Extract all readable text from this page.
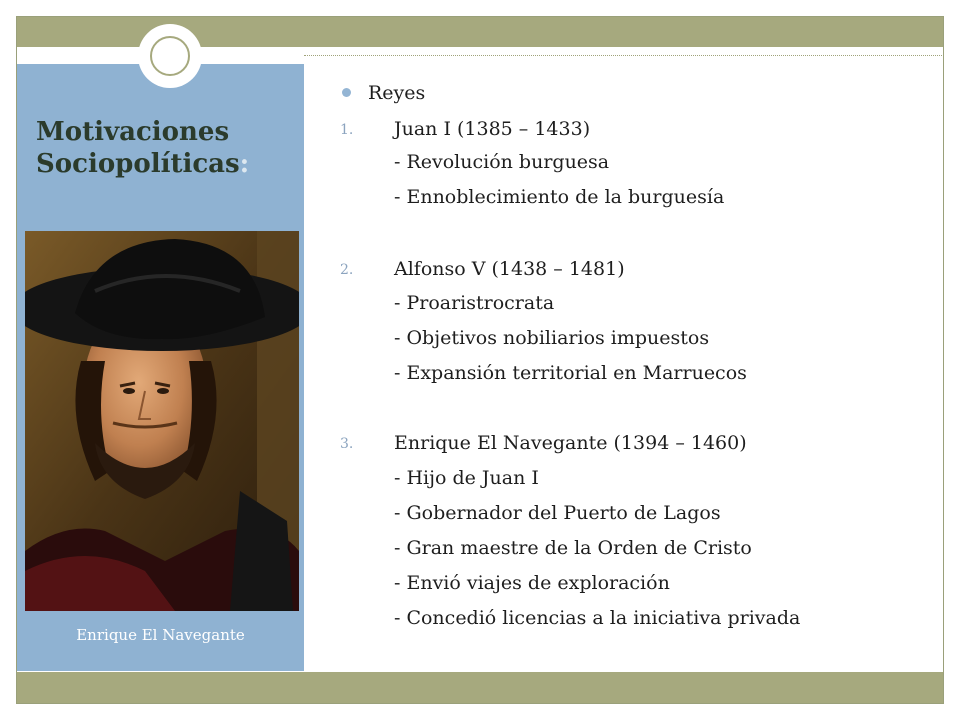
Motivaciones Sociopolíticas:
Enrique El Navegante
Reyes
1. Juan I (1385 – 1433)
- Revolución burguesa
- Ennoblecimiento de la burguesía
2. Alfonso V (1438 – 1481)
- Proaristrocrata
- Objetivos nobiliarios impuestos
- Expansión territorial en Marruecos
3. Enrique El Navegante (1394 – 1460)
- Hijo de Juan I
- Gobernador del Puerto de Lagos
- Gran maestre de la Orden de Cristo
- Envió viajes de exploración
- Concedió licencias a la iniciativa privada
